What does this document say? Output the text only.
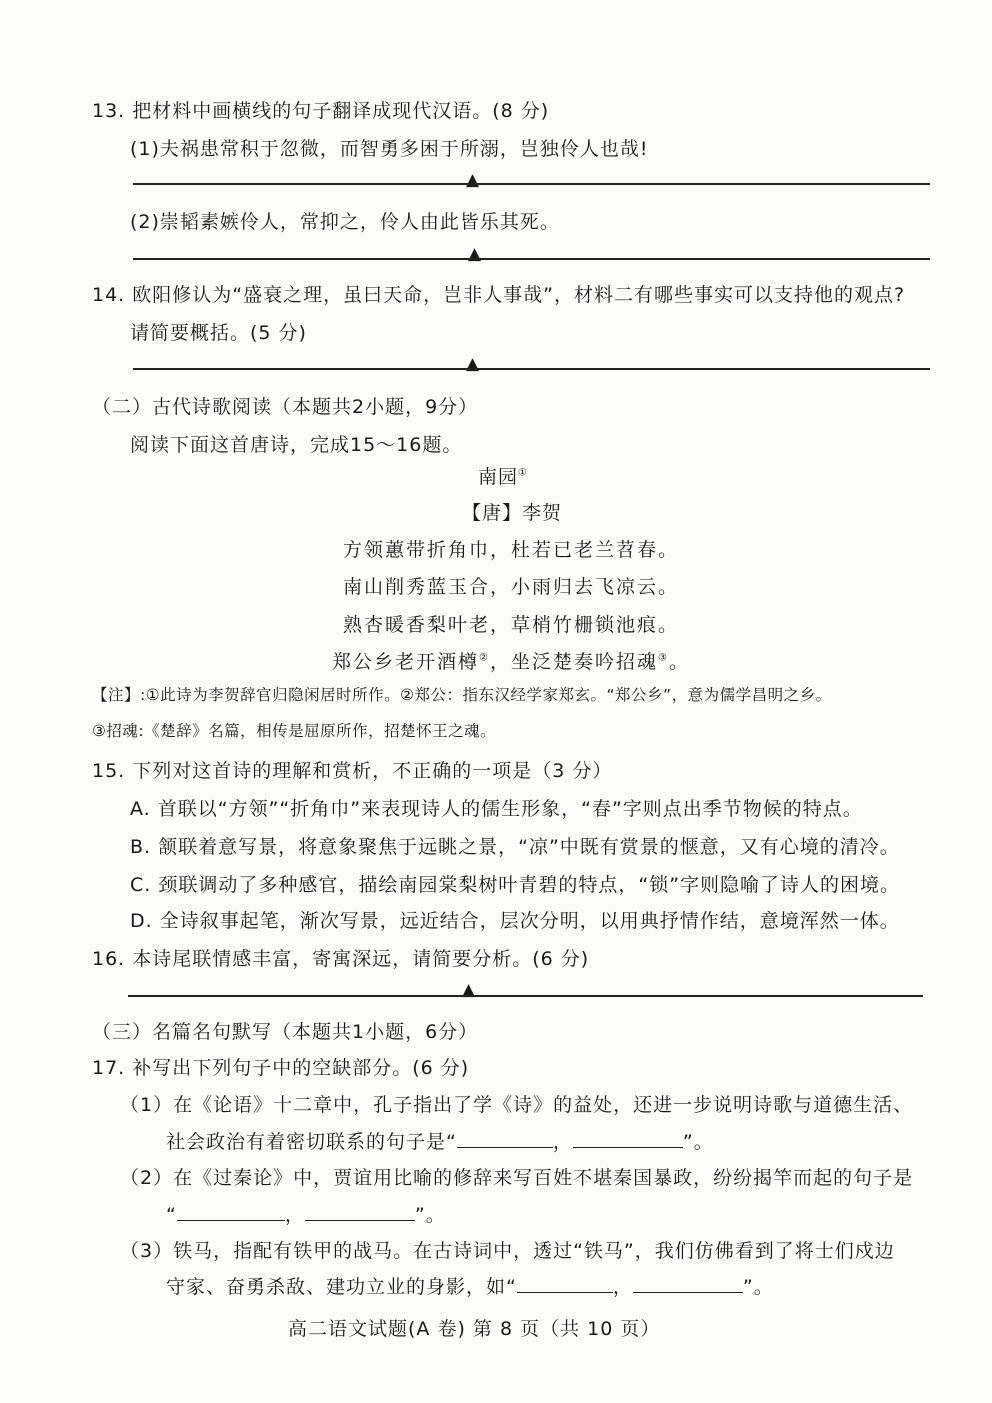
13. 把材料中画横线的句子翻译成现代汉语。(8 分)
(1)夫祸患常积于忽微，而智勇多困于所溺，岂独伶人也哉!
▲
(2)崇韬素嫉伶人，常抑之，伶人由此皆乐其死。
▲
14. 欧阳修认为“盛衰之理，虽曰天命，岂非人事哉”，材料二有哪些事实可以支持他的观点?
请简要概括。(5 分)
▲
（二）古代诗歌阅读（本题共2小题，9分）
阅读下面这首唐诗，完成15～16题。
南园①
【唐】李贺
方领蕙带折角巾，杜若已老兰苕春。
南山削秀蓝玉合，小雨归去飞凉云。
熟杏暖香梨叶老，草梢竹栅锁池痕。
郑公乡老开酒樽②，坐泛楚奏吟招魂③。
【注】:①此诗为李贺辞官归隐闲居时所作。②郑公：指东汉经学家郑玄。“郑公乡”，意为儒学昌明之乡。
③招魂:《楚辞》名篇，相传是屈原所作，招楚怀王之魂。
15. 下列对这首诗的理解和赏析，不正确的一项是（3 分）
A. 首联以“方领”“折角巾”来表现诗人的儒生形象，“春”字则点出季节物候的特点。
B. 颔联着意写景，将意象聚焦于远眺之景，“凉”中既有赏景的惬意，又有心境的清冷。
C. 颈联调动了多种感官，描绘南园棠梨树叶青碧的特点，“锁”字则隐喻了诗人的困境。
D. 全诗叙事起笔，渐次写景，远近结合，层次分明，以用典抒情作结，意境浑然一体。
16. 本诗尾联情感丰富，寄寓深远，请简要分析。(6 分)
▲
（三）名篇名句默写（本题共1小题，6分）
17. 补写出下列句子中的空缺部分。(6 分)
（1）在《论语》十二章中，孔子指出了学《诗》的益处，还进一步说明诗歌与道德生活、
社会政治有着密切联系的句子是“	，	”。
（2）在《过秦论》中，贾谊用比喻的修辞来写百姓不堪秦国暴政，纷纷揭竿而起的句子是
“	，	”。
（3）铁马，指配有铁甲的战马。在古诗词中，透过“铁马”，我们仿佛看到了将士们戍边
守家、奋勇杀敌、建功立业的身影，如“	，	”。
高二语文试题(A 卷) 第 8 页（共 10 页）
